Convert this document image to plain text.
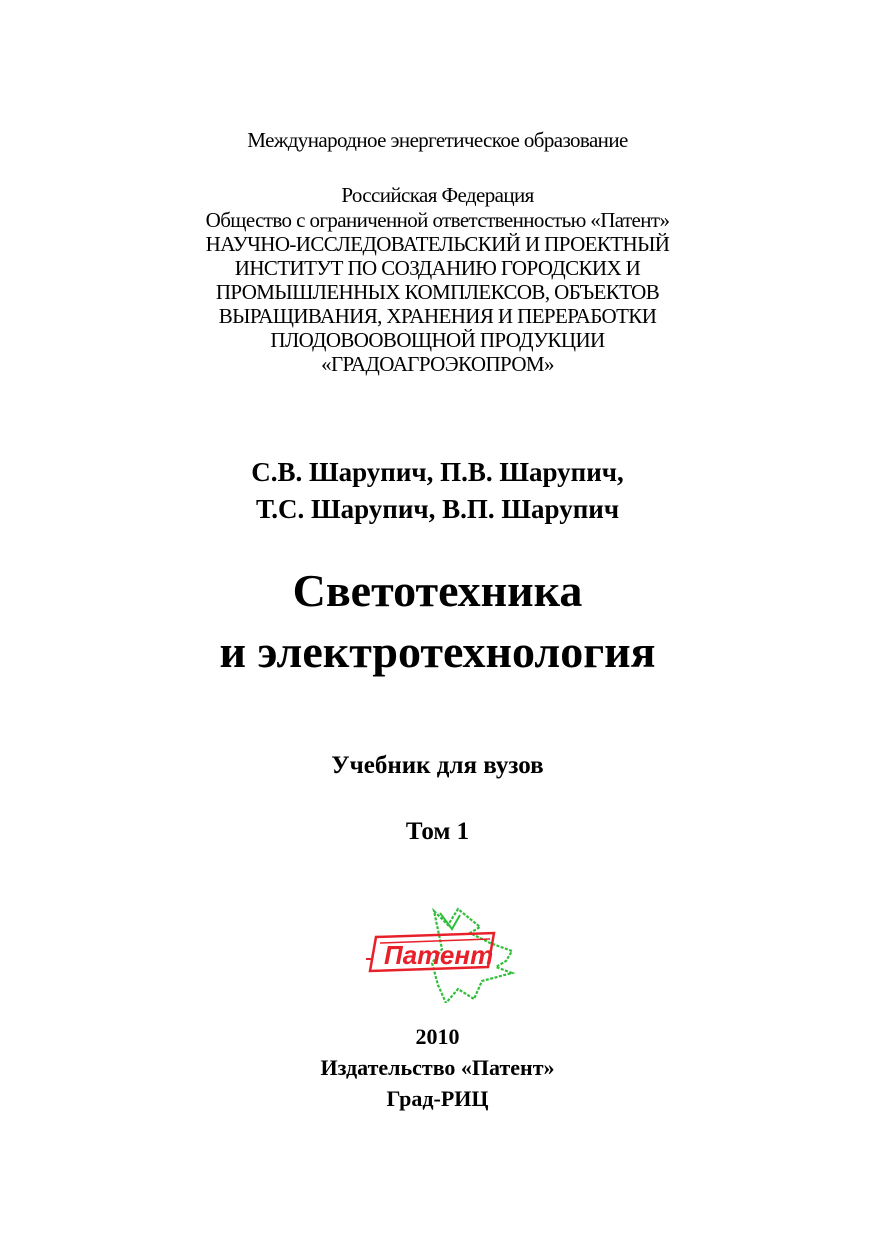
Международное энергетическое образование
Российская Федерация
Общество с ограниченной ответственностью «Патент»
НАУЧНО-ИССЛЕДОВАТЕЛЬСКИЙ И ПРОЕКТНЫЙ
ИНСТИТУТ ПО СОЗДАНИЮ ГОРОДСКИХ И
ПРОМЫШЛЕННЫХ КОМПЛЕКСОВ, ОБЪЕКТОВ
ВЫРАЩИВАНИЯ, ХРАНЕНИЯ И ПЕРЕРАБОТКИ
ПЛОДОВООВОЩНОЙ ПРОДУКЦИИ
«ГРАДОАГРОЭКОПРОМ»
С.В. Шарупич, П.В. Шарупич,
Т.С. Шарупич, В.П. Шарупич
Светотехника
и электротехнология
Учебник для вузов
Том 1
Патент
2010
Издательство «Патент»
Град-РИЦ
